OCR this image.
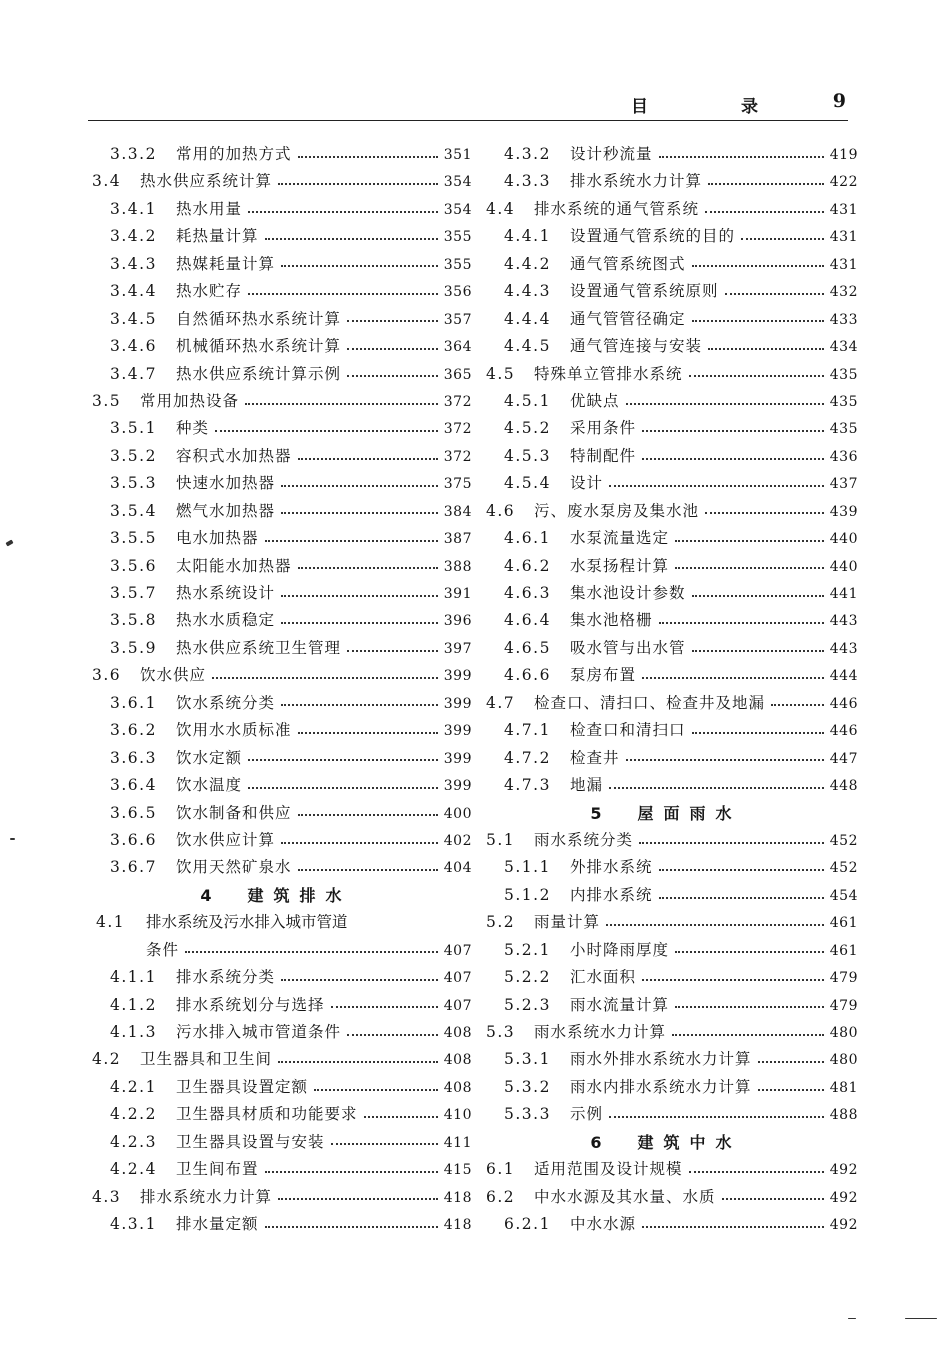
目　录 9
3.3.2	常用的加热方式	351
3.4	热水供应系统计算	354
3.4.1	热水用量	354
3.4.2	耗热量计算	355
3.4.3	热媒耗量计算	355
3.4.4	热水贮存	356
3.4.5	自然循环热水系统计算	357
3.4.6	机械循环热水系统计算	364
3.4.7	热水供应系统计算示例	365
3.5	常用加热设备	372
3.5.1	种类	372
3.5.2	容积式水加热器	372
3.5.3	快速水加热器	375
3.5.4	燃气水加热器	384
3.5.5	电水加热器	387
3.5.6	太阳能水加热器	388
3.5.7	热水系统设计	391
3.5.8	热水水质稳定	396
3.5.9	热水供应系统卫生管理	397
3.6	饮水供应	399
3.6.1	饮水系统分类	399
3.6.2	饮用水水质标准	399
3.6.3	饮水定额	399
3.6.4	饮水温度	399
3.6.5	饮水制备和供应	400
3.6.6	饮水供应计算	402
3.6.7	饮用天然矿泉水	404
4　建筑排水
4.1 排水系统及污水排入城市管道
条件	407
4.1.1	排水系统分类	407
4.1.2	排水系统划分与选择	407
4.1.3	污水排入城市管道条件	408
4.2	卫生器具和卫生间	408
4.2.1	卫生器具设置定额	408
4.2.2	卫生器具材质和功能要求	410
4.2.3	卫生器具设置与安装	411
4.2.4	卫生间布置	415
4.3	排水系统水力计算	418
4.3.1	排水量定额	418
4.3.2	设计秒流量	419
4.3.3	排水系统水力计算	422
4.4	排水系统的通气管系统	431
4.4.1	设置通气管系统的目的	431
4.4.2	通气管系统图式	431
4.4.3	设置通气管系统原则	432
4.4.4	通气管管径确定	433
4.4.5	通气管连接与安装	434
4.5	特殊单立管排水系统	435
4.5.1	优缺点	435
4.5.2	采用条件	435
4.5.3	特制配件	436
4.5.4	设计	437
4.6	污、废水泵房及集水池	439
4.6.1	水泵流量选定	440
4.6.2	水泵扬程计算	440
4.6.3	集水池设计参数	441
4.6.4	集水池格栅	443
4.6.5	吸水管与出水管	443
4.6.6	泵房布置	444
4.7	检查口、清扫口、检查井及地漏	446
4.7.1	检查口和清扫口	446
4.7.2	检查井	447
4.7.3	地漏	448
5　屋面雨水
5.1	雨水系统分类	452
5.1.1	外排水系统	452
5.1.2	内排水系统	454
5.2	雨量计算	461
5.2.1	小时降雨厚度	461
5.2.2	汇水面积	479
5.2.3	雨水流量计算	479
5.3	雨水系统水力计算	480
5.3.1	雨水外排水系统水力计算	480
5.3.2	雨水内排水系统水力计算	481
5.3.3	示例	488
6　建筑中水
6.1	适用范围及设计规模	492
6.2	中水水源及其水量、水质	492
6.2.1	中水水源	492
